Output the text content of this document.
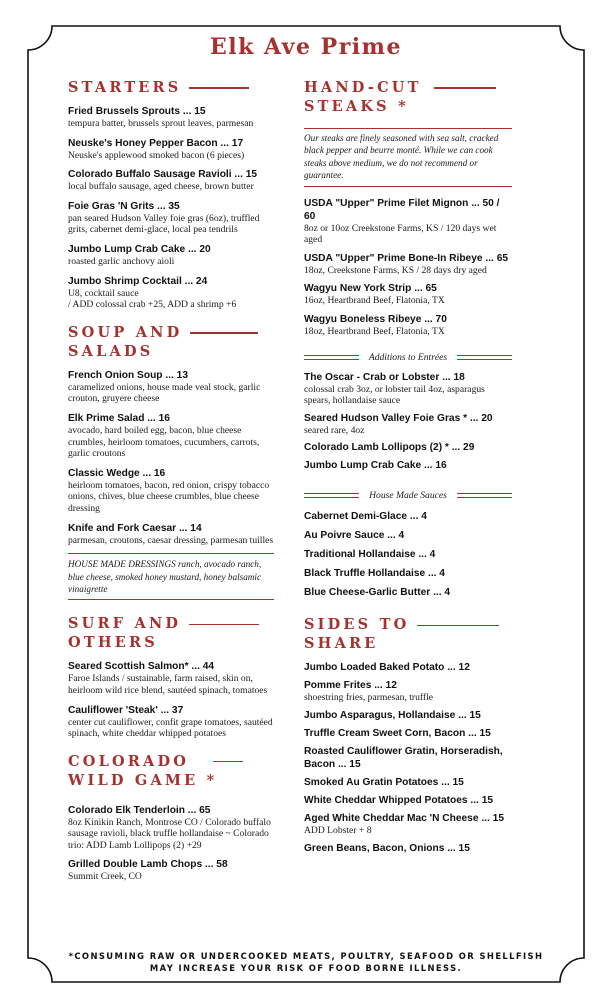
Elk Ave Prime
STARTERS

Fried Brussels Sprouts ... 15

tempura batter, brussels sprout leaves, parmesan

Neuske's Honey Pepper Bacon ... 17

Neuske's applewood smoked bacon (6 pieces)

Colorado Buffalo Sausage Ravioli ... 15

local buffalo sausage, aged cheese, brown butter

Foie Gras 'N Grits ... 35

pan seared Hudson Valley foie gras (6oz), truffled grits, cabernet demi-glace, local pea tendrils

Jumbo Lump Crab Cake ... 20

roasted garlic anchovy aioli

Jumbo Shrimp Cocktail ... 24

U8, cocktail sauce
/ ADD colossal crab +25, ADD a shrimp +6

SOUP AND
SALADS

French Onion Soup ... 13

caramelized onions, house made veal stock, garlic crouton, gruyere cheese

Elk Prime Salad ... 16

avocado, hard boiled egg, bacon, blue cheese crumbles, heirloom tomatoes, cucumbers, carrots, garlic croutons

Classic Wedge ... 16

heirloom tomatoes, bacon, red onion, crispy tobacco onions, chives, blue cheese crumbles, blue cheese dressing

Knife and Fork Caesar ... 14

parmesan, croutons, caesar dressing, parmesan tuilles

HOUSE MADE DRESSINGS ranch, avocado ranch, blue cheese, smoked honey mustard, honey balsamic vinaigrette

SURF AND
OTHERS

Seared Scottish Salmon* ... 44

Faroe Islands / sustainable, farm raised, skin on, heirloom wild rice blend, sautéed spinach, tomatoes

Cauliflower 'Steak' ... 37

center cut cauliflower, confit grape tomatoes, sautéed spinach, white cheddar whipped potatoes

COLORADO
WILD GAME *

Colorado Elk Tenderloin ... 65

8oz Kinikin Ranch, Montrose CO / Colorado buffalo sausage ravioli, black truffle hollandaise ~ Colorado trio: ADD Lamb Lollipops (2) +29

Grilled Double Lamb Chops ... 58

Summit Creek, CO

HAND-CUT
STEAKS *

Our steaks are finely seasoned with sea salt, cracked black pepper and beurre monté. While we can cook steaks above medium, we do not recommend or guarantee.

USDA "Upper" Prime Filet Mignon ... 50 / 60

8oz or 10oz Creekstone Farms, KS / 120 days wet aged

USDA "Upper" Prime Bone-In Ribeye ... 65

18oz, Creekstone Farms, KS / 28 days dry aged

Wagyu New York Strip ... 65

16oz, Heartbrand Beef, Flatonia, TX

Wagyu Boneless Ribeye ... 70

18oz, Heartbrand Beef, Flatonia, TX

Additions to Entrées

The Oscar - Crab or Lobster ... 18

colossal crab 3oz, or lobster tail 4oz, asparagus spears, hollandaise sauce

Seared Hudson Valley Foie Gras * ... 20

seared rare, 4oz

Colorado Lamb Lollipops (2) * ... 29

Jumbo Lump Crab Cake ... 16

House Made Sauces

Cabernet Demi-Glace ... 4

Au Poivre Sauce ... 4

Traditional Hollandaise ... 4

Black Truffle Hollandaise ... 4

Blue Cheese-Garlic Butter ... 4

SIDES TO
SHARE

Jumbo Loaded Baked Potato ... 12

Pomme Frites ... 12

shoestring fries, parmesan, truffle

Jumbo Asparagus, Hollandaise ... 15

Truffle Cream Sweet Corn, Bacon ... 15

Roasted Cauliflower Gratin, Horseradish, Bacon ... 15

Smoked Au Gratin Potatoes ... 15

White Cheddar Whipped Potatoes ... 15

Aged White Cheddar Mac 'N Cheese ... 15

ADD Lobster + 8

Green Beans, Bacon, Onions ... 15

*CONSUMING RAW OR UNDERCOOKED MEATS, POULTRY, SEAFOOD OR SHELLFISH MAY INCREASE YOUR RISK OF FOOD BORNE ILLNESS.
